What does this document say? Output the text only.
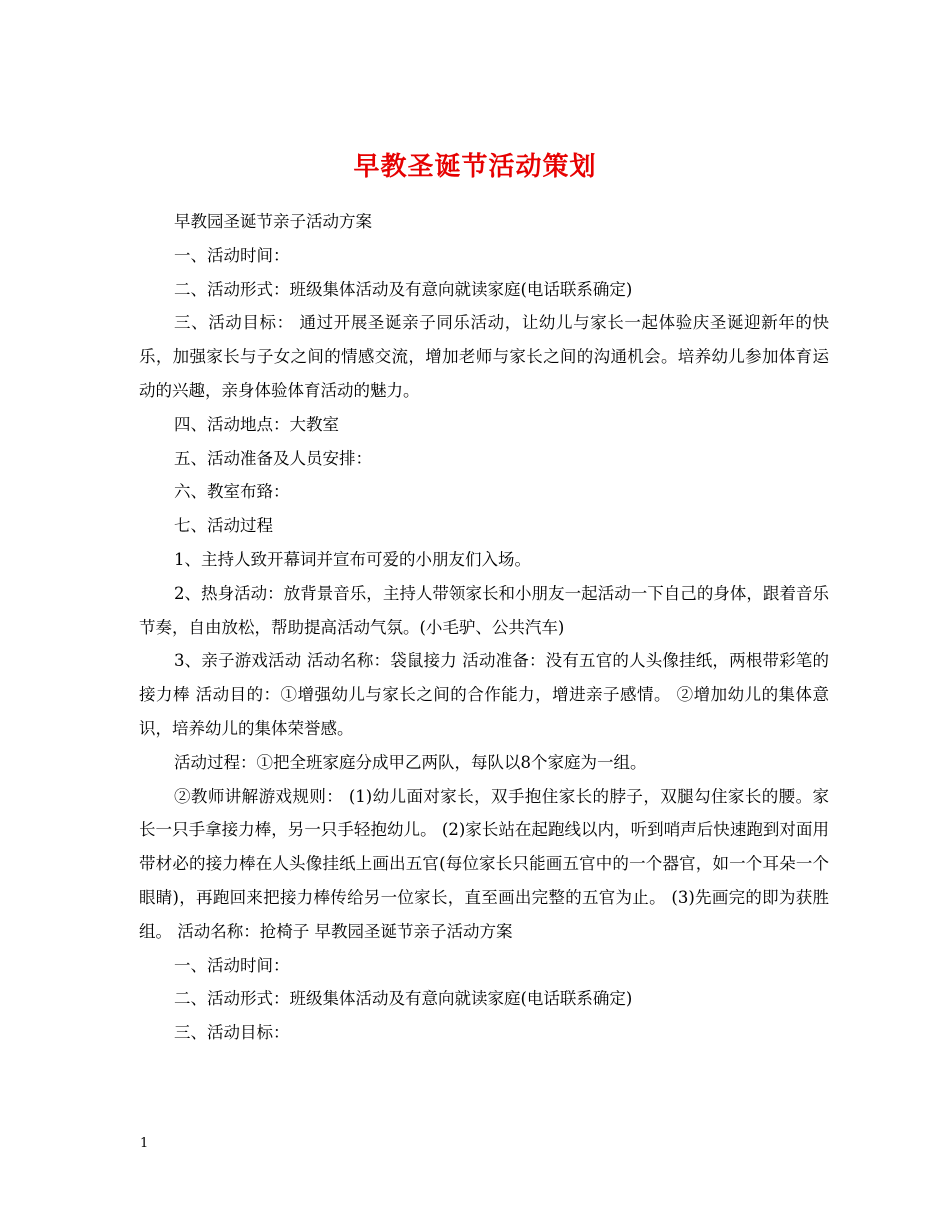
早教圣诞节活动策划

早教园圣诞节亲子活动方案

一、活动时间：

二、活动形式：班级集体活动及有意向就读家庭(电话联系确定)

三、活动目标： 通过开展圣诞亲子同乐活动，让幼儿与家长一起体验庆圣诞迎新年的快乐，加强家长与子女之间的情感交流，增加老师与家长之间的沟通机会。培养幼儿参加体育运动的兴趣，亲身体验体育活动的魅力。

四、活动地点：大教室

五、活动准备及人员安排：

六、教室布臵：

七、活动过程

1、主持人致开幕词并宣布可爱的小朋友们入场。

2、热身活动：放背景音乐，主持人带领家长和小朋友一起活动一下自己的身体，跟着音乐节奏，自由放松，帮助提高活动气氛。(小毛驴、公共汽车)

3、亲子游戏活动 活动名称：袋鼠接力 活动准备：没有五官的人头像挂纸，两根带彩笔的接力棒 活动目的：①增强幼儿与家长之间的合作能力，增进亲子感情。 ②增加幼儿的集体意识，培养幼儿的集体荣誉感。

活动过程：①把全班家庭分成甲乙两队，每队以8个家庭为一组。

②教师讲解游戏规则： (1)幼儿面对家长，双手抱住家长的脖子，双腿勾住家长的腰。家长一只手拿接力棒，另一只手轻抱幼儿。 (2)家长站在起跑线以内，听到哨声后快速跑到对面用带材必的接力棒在人头像挂纸上画出五官(每位家长只能画五官中的一个器官，如一个耳朵一个眼睛)，再跑回来把接力棒传给另一位家长，直至画出完整的五官为止。 (3)先画完的即为获胜组。 活动名称：抢椅子 早教园圣诞节亲子活动方案

一、活动时间：

二、活动形式：班级集体活动及有意向就读家庭(电话联系确定)

三、活动目标：

1
